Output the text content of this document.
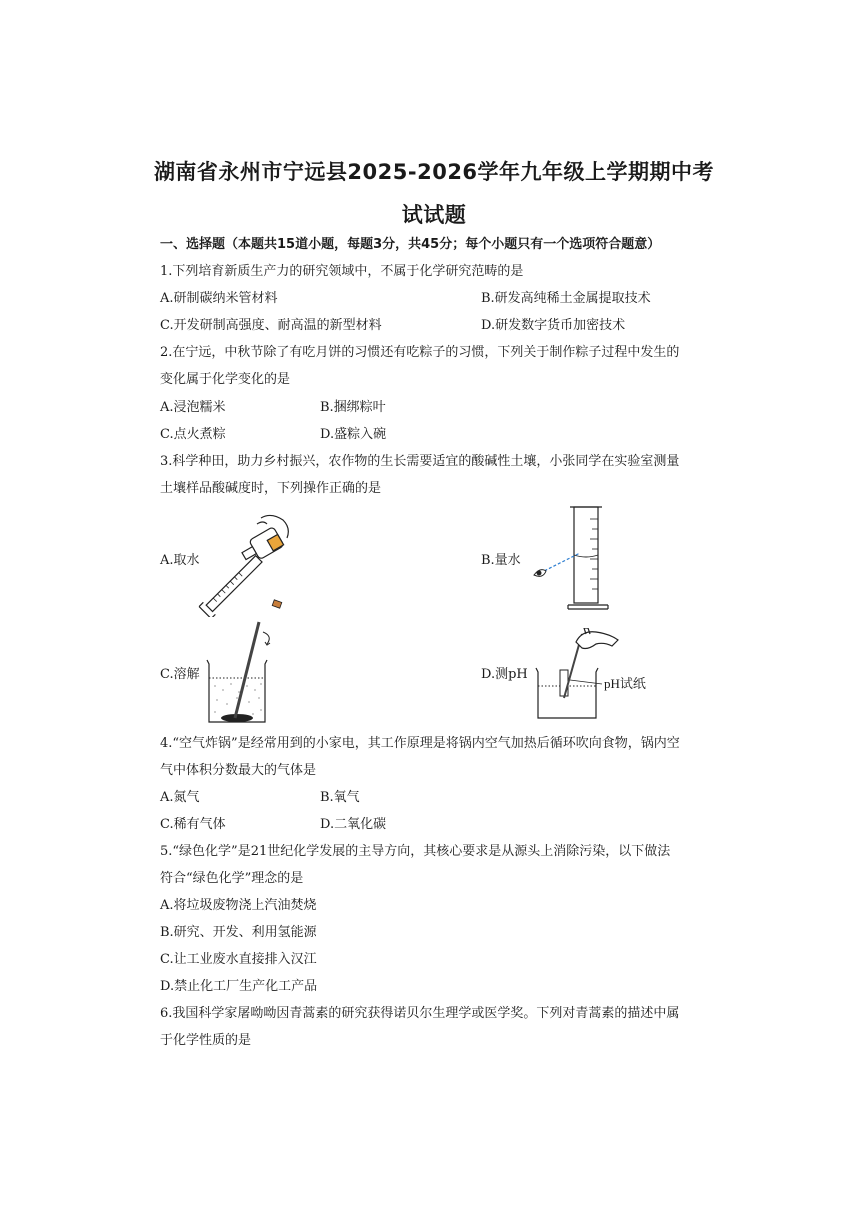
湖南省永州市宁远县2025-2026学年九年级上学期期中考
试试题
一、选择题（本题共15道小题，每题3分，共45分；每个小题只有一个选项符合题意）
1.下列培育新质生产力的研究领域中，不属于化学研究范畴的是
A.研制碳纳米管材料	B.研发高纯稀土金属提取技术
C.开发研制高强度、耐高温的新型材料	D.研发数字货币加密技术
2.在宁远，中秋节除了有吃月饼的习惯还有吃粽子的习惯，下列关于制作粽子过程中发生的
变化属于化学变化的是
A.浸泡糯米	B.捆绑粽叶
C.点火煮粽	D.盛粽入碗
3.科学种田，助力乡村振兴，农作物的生长需要适宜的酸碱性土壤，小张同学在实验室测量
土壤样品酸碱度时，下列操作正确的是
A.取水	B.量水
C.溶解	D.测pH
pH试纸
4.“空气炸锅”是经常用到的小家电，其工作原理是将锅内空气加热后循环吹向食物，锅内空
气中体积分数最大的气体是
A.氮气	B.氧气
C.稀有气体	D.二氧化碳
5.“绿色化学”是21世纪化学发展的主导方向，其核心要求是从源头上消除污染，以下做法
符合“绿色化学”理念的是
A.将垃圾废物浇上汽油焚烧
B.研究、开发、利用氢能源
C.让工业废水直接排入汉江
D.禁止化工厂生产化工产品
6.我国科学家屠呦呦因青蒿素的研究获得诺贝尔生理学或医学奖。下列对青蒿素的描述中属
于化学性质的是
